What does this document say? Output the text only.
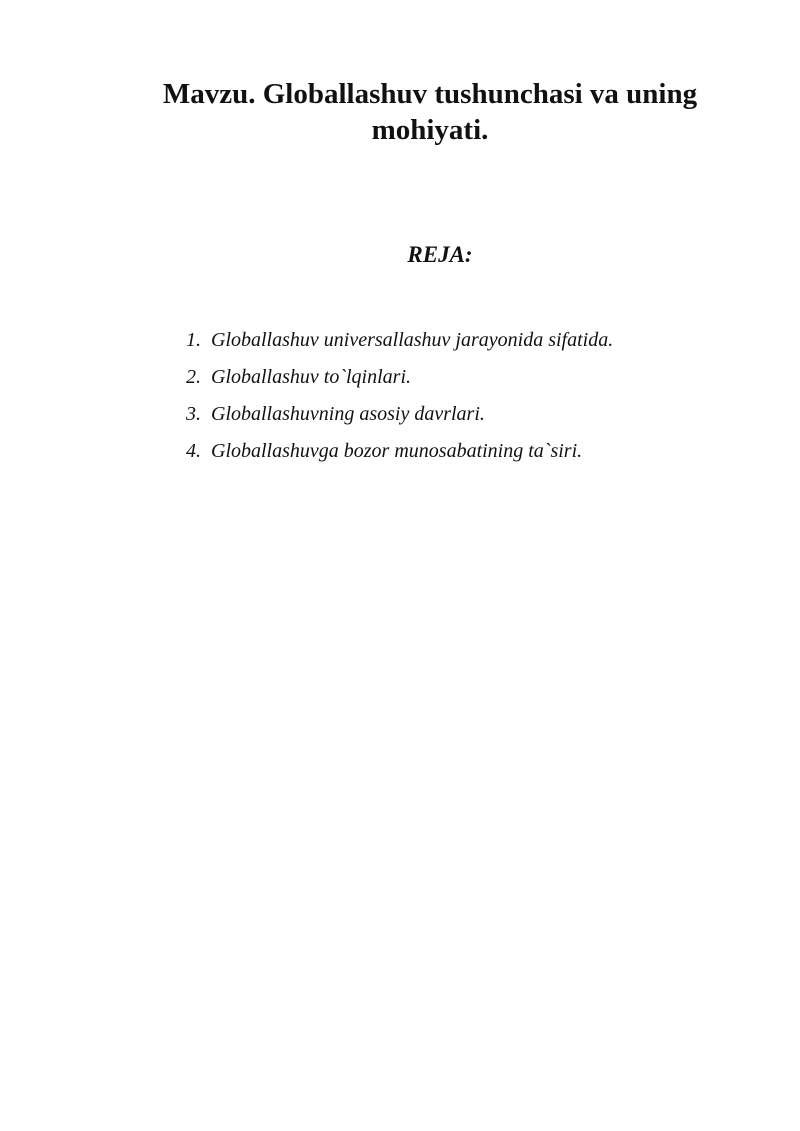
Mavzu. Globallashuv tushunchasi va uning
mohiyati.
REJA:
1. Globallashuv universallashuv jarayonida sifatida.
2. Globallashuv to`lqinlari.
3. Globallashuvning asosiy davrlari.
4. Globallashuvga bozor munosabatining ta`siri.
